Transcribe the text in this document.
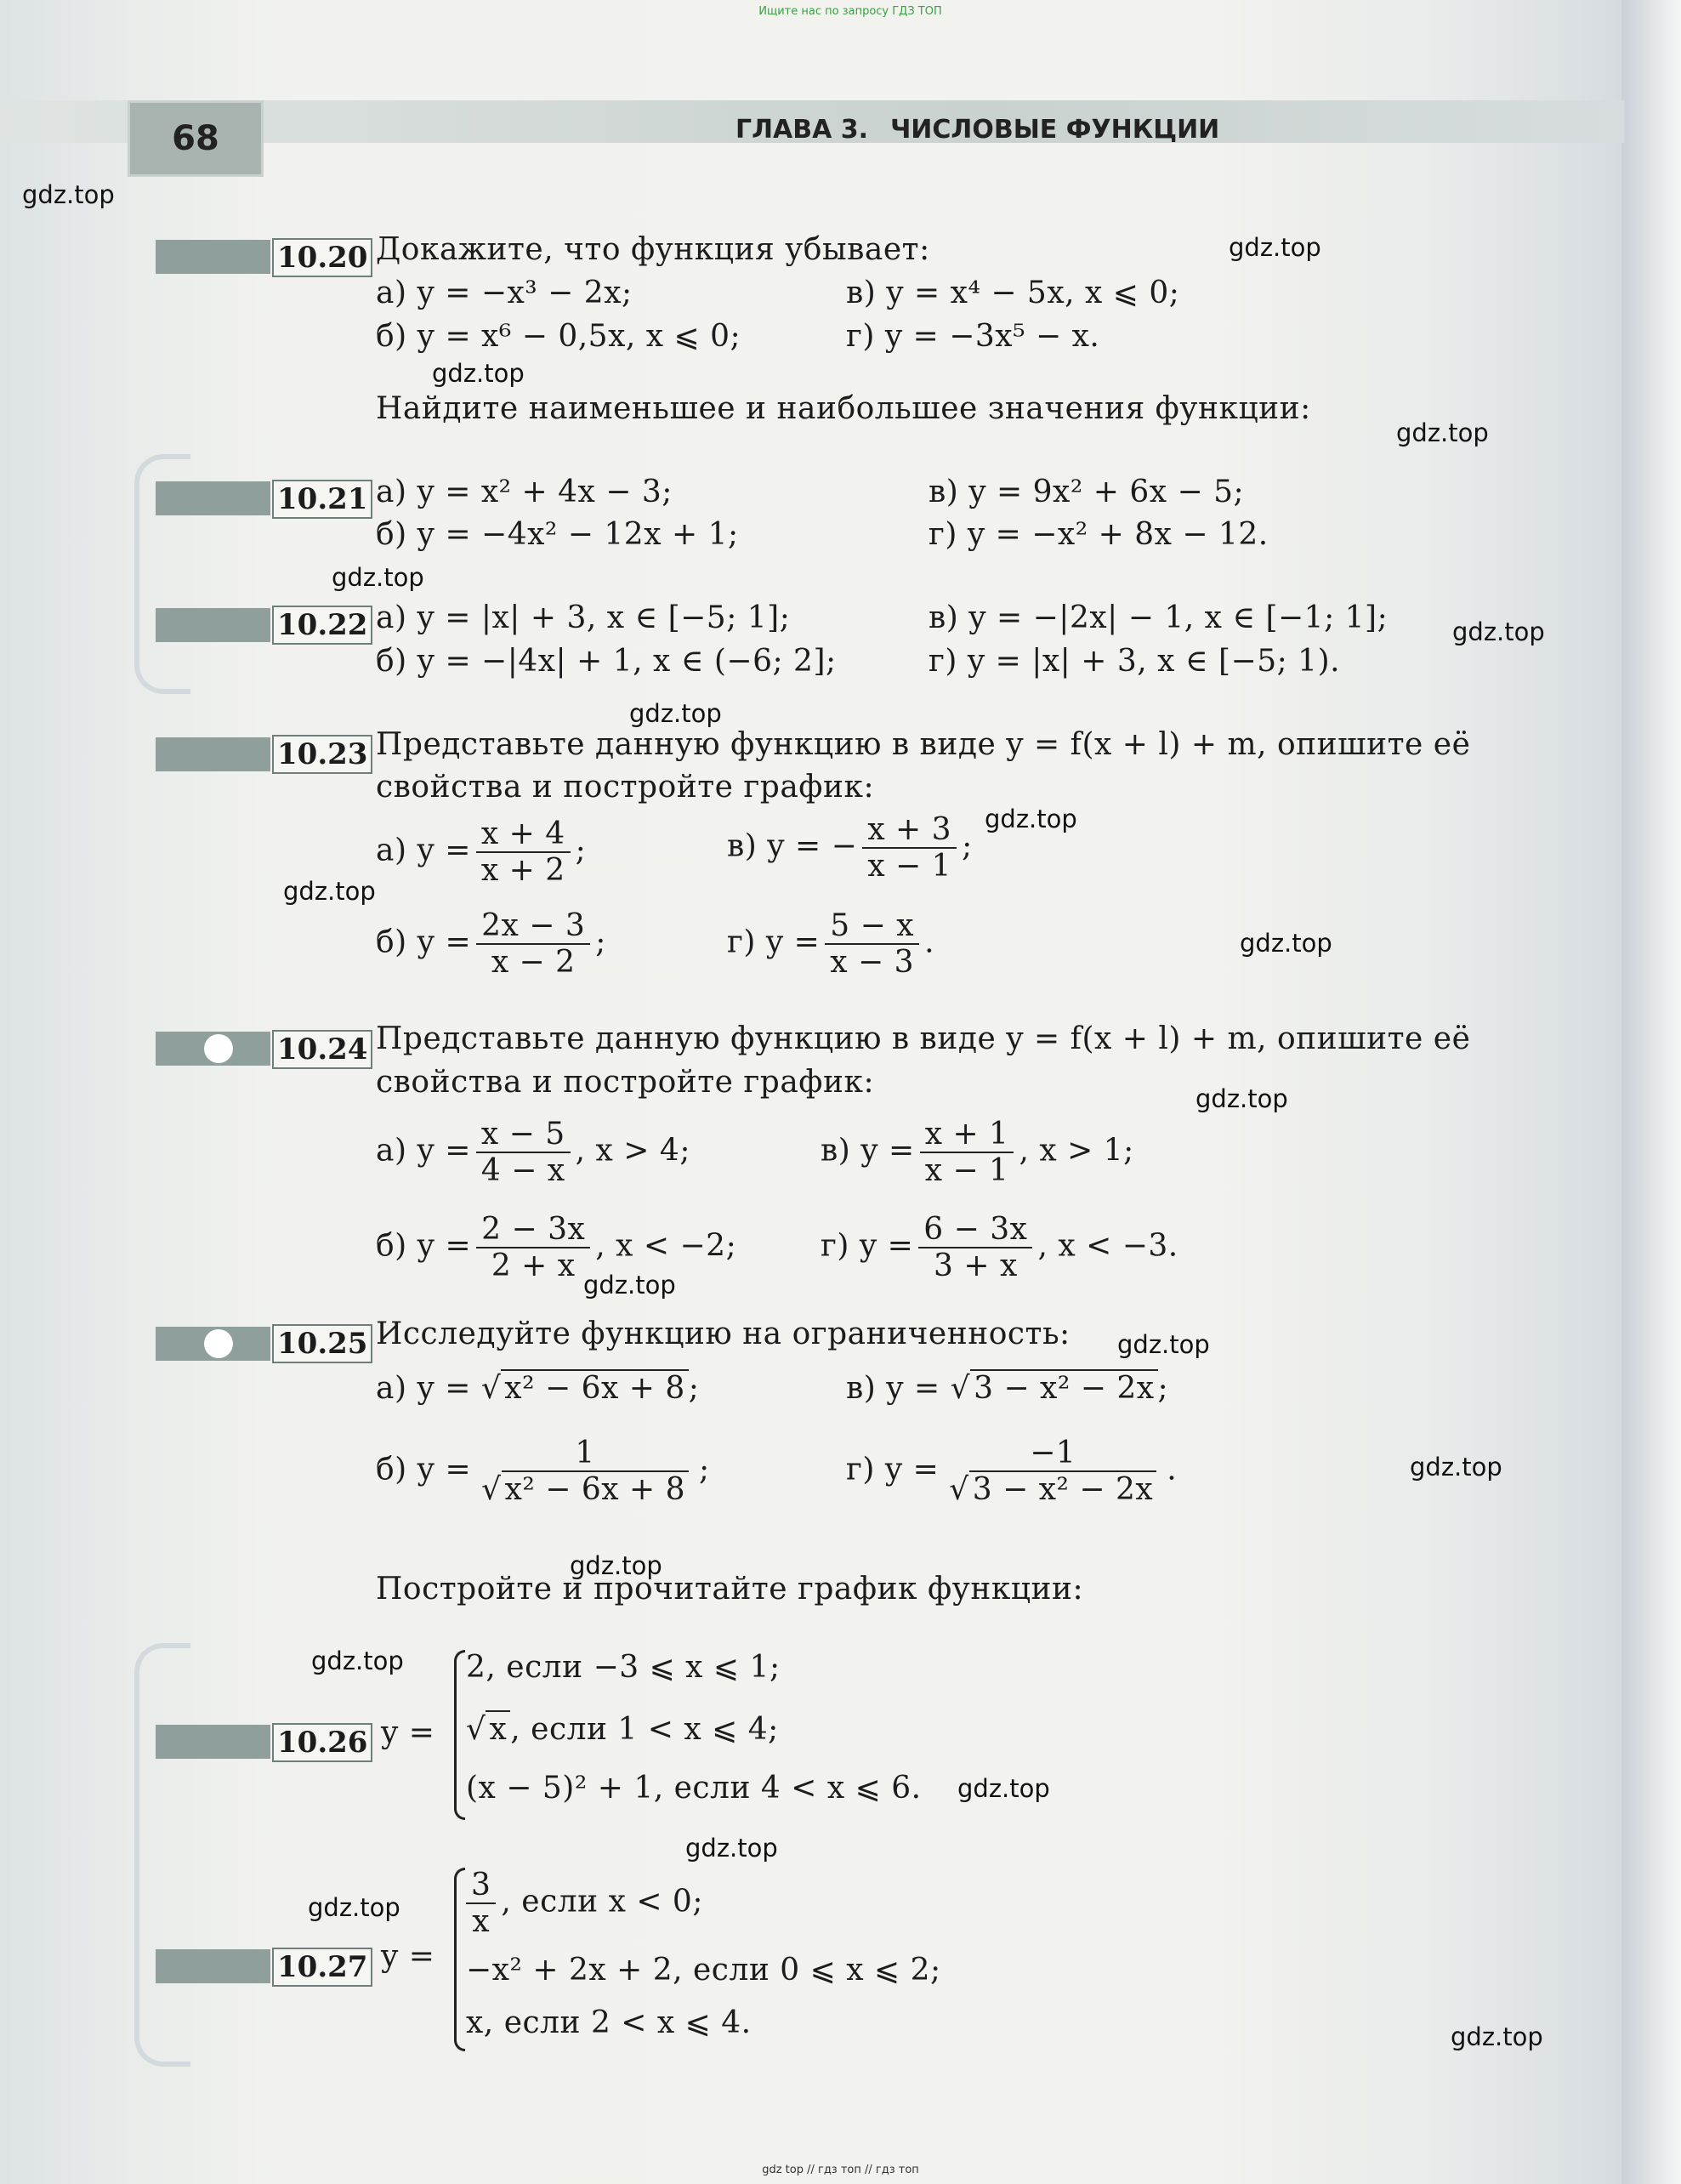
Ищите нас по запросу ГДЗ ТОП
68	ГЛАВА 3. ЧИСЛОВЫЕ ФУНКЦИИ
gdz.top
gdz.top
gdz.top
gdz.top
gdz.top
gdz.top
gdz.top
gdz.top
gdz.top
gdz.top
gdz.top
gdz.top
gdz.top
gdz.top
gdz.top
gdz.top
gdz.top
gdz.top
gdz.top
gdz.top
10.20 Докажите, что функция убывает:
а) y = −x³ − 2x;	в) y = x⁴ − 5x, x ⩽ 0;
б) y = x⁶ − 0,5x, x ⩽ 0;	г) y = −3x⁵ − x.
Найдите наименьшее и наибольшее значения функции:
10.21 а) y = x² + 4x − 3;	в) y = 9x² + 6x − 5;
б) y = −4x² − 12x + 1;	г) y = −x² + 8x − 12.
10.22 а) y = |x| + 3, x ∈ [−5; 1];	в) y = −|2x| − 1, x ∈ [−1; 1];
б) y = −|4x| + 1, x ∈ (−6; 2];	г) y = |x| + 3, x ∈ [−5; 1).
10.23 Представьте данную функцию в виде y = f(x + l) + m, опишите её
свойства и постройте график:
а) $y = \frac{x + 4}{x + 2}$ ;	в) y = − $\frac{x + 3}{x - 1}$ ;
б) $y = \frac{2x - 3}{x - 2}$ ;	г) $y = \frac{5 - x}{x - 3}$ .
10.24 Представьте данную функцию в виде y = f(x + l) + m, опишите её
свойства и постройте график:
а) $y = \frac{x - 5}{4 - x}$ , x > 4;	в) $y = \frac{x + 1}{x - 1}$ , x > 1;
б) $y = \frac{2 - 3x}{2 + x}$ , x < −2;	г) $y = \frac{6 - 3x}{3 + x}$ , x < −3.
10.25 Исследуйте функцию на ограниченность:
а) y = √ x² − 6x + 8 ;	в) y = √ 3 − x² − 2x ;
б) $y = \frac{1}{\text{√ x² − 6x + 8}}$ ;	г) $y = \frac{-1}{\text{√ 3 − x² − 2x}}$ .
Постройте и прочитайте график функции:
10.26 y =
2, если −3 ⩽ x ⩽ 1;
√ x , если 1 < x ⩽ 4;
(x − 5)² + 1, если 4 < x ⩽ 6.
10.27 y =
$\frac{3}{x}$ , если x < 0;
−x² + 2x + 2, если 0 ⩽ x ⩽ 2;
x, если 2 < x ⩽ 4.
gdz top // гдз топ // гдз топ
